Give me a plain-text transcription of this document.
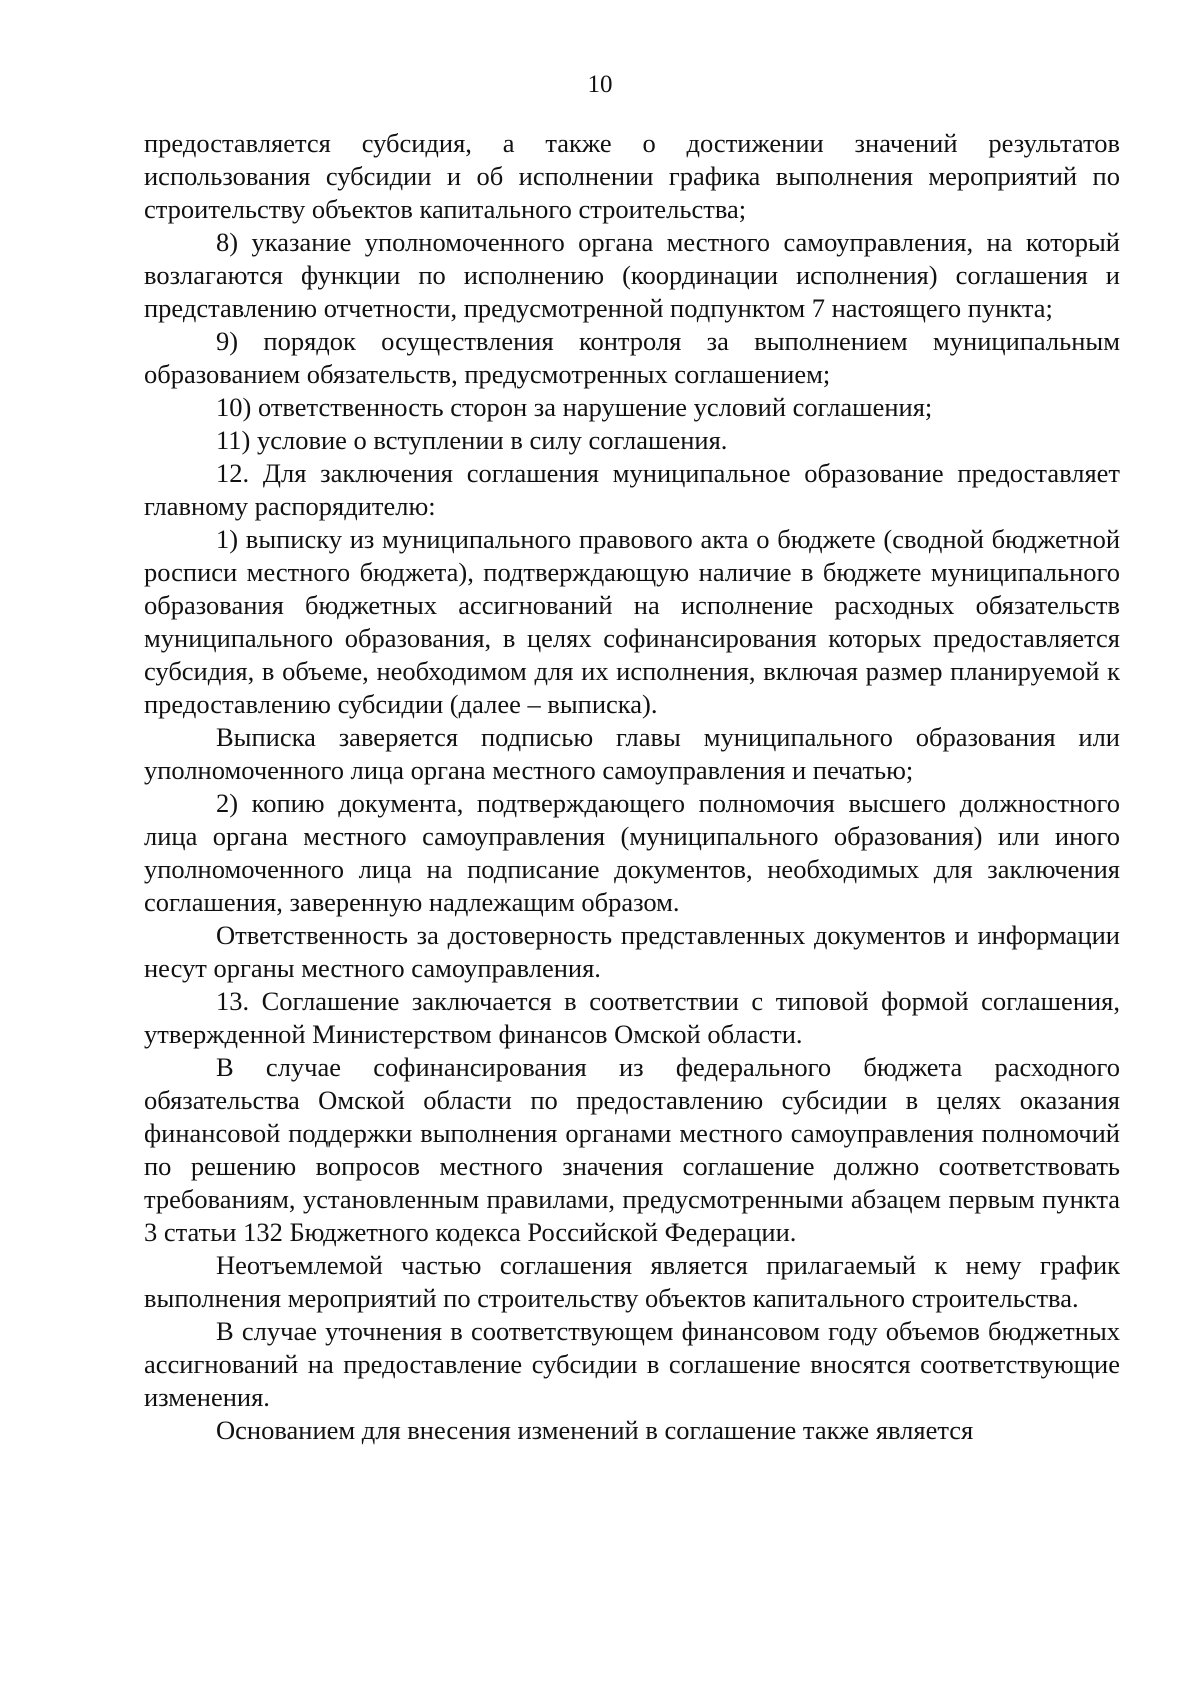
10

предоставляется субсидия, а также о достижении значений результатов использования субсидии и об исполнении графика выполнения мероприятий по строительству объектов капитального строительства;

8) указание уполномоченного органа местного самоуправления, на который возлагаются функции по исполнению (координации исполнения) соглашения и представлению отчетности, предусмотренной подпунктом 7 настоящего пункта;

9) порядок осуществления контроля за выполнением муниципальным образованием обязательств, предусмотренных соглашением;

10) ответственность сторон за нарушение условий соглашения;

11) условие о вступлении в силу соглашения.

12. Для заключения соглашения муниципальное образование предоставляет главному распорядителю:

1) выписку из муниципального правового акта о бюджете (сводной бюджетной росписи местного бюджета), подтверждающую наличие в бюджете муниципального образования бюджетных ассигнований на исполнение расходных обязательств муниципального образования, в целях софинансирования которых предоставляется субсидия, в объеме, необходимом для их исполнения, включая размер планируемой к предоставлению субсидии (далее – выписка).

Выписка заверяется подписью главы муниципального образования или уполномоченного лица органа местного самоуправления и печатью;

2) копию документа, подтверждающего полномочия высшего должностного лица органа местного самоуправления (муниципального образования) или иного уполномоченного лица на подписание документов, необходимых для заключения соглашения, заверенную надлежащим образом.

Ответственность за достоверность представленных документов и информации несут органы местного самоуправления.

13. Соглашение заключается в соответствии с типовой формой соглашения, утвержденной Министерством финансов Омской области.

В случае софинансирования из федерального бюджета расходного обязательства Омской области по предоставлению субсидии в целях оказания финансовой поддержки выполнения органами местного самоуправления полномочий по решению вопросов местного значения соглашение должно соответствовать требованиям, установленным правилами, предусмотренными абзацем первым пункта 3 статьи 132 Бюджетного кодекса Российской Федерации.

Неотъемлемой частью соглашения является прилагаемый к нему график выполнения мероприятий по строительству объектов капитального строительства.

В случае уточнения в соответствующем финансовом году объемов бюджетных ассигнований на предоставление субсидии в соглашение вносятся соответствующие изменения.

Основанием для внесения изменений в соглашение также является
